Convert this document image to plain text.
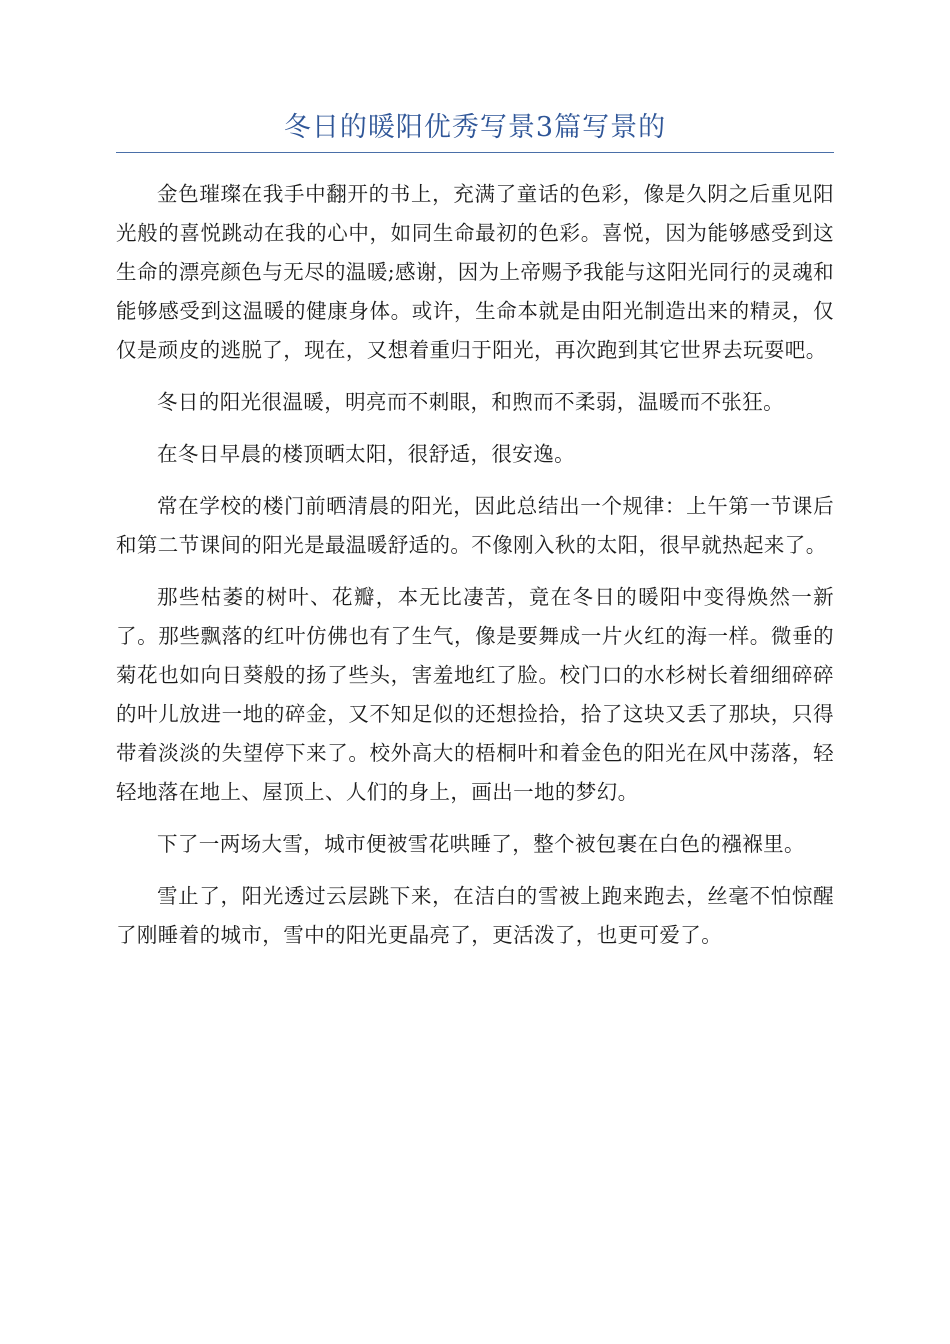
冬日的暖阳优秀写景3篇写景的

金色璀璨在我手中翻开的书上，充满了童话的色彩，像是久阴之后重见阳光般的喜悦跳动在我的心中，如同生命最初的色彩。喜悦，因为能够感受到这生命的漂亮颜色与无尽的温暖;感谢，因为上帝赐予我能与这阳光同行的灵魂和能够感受到这温暖的健康身体。或许，生命本就是由阳光制造出来的精灵，仅仅是顽皮的逃脱了，现在，又想着重归于阳光，再次跑到其它世界去玩耍吧。

冬日的阳光很温暖，明亮而不刺眼，和煦而不柔弱，温暖而不张狂。

在冬日早晨的楼顶晒太阳，很舒适，很安逸。

常在学校的楼门前晒清晨的阳光，因此总结出一个规律：上午第一节课后和第二节课间的阳光是最温暖舒适的。不像刚入秋的太阳，很早就热起来了。

那些枯萎的树叶、花瓣，本无比凄苦，竟在冬日的暖阳中变得焕然一新了。那些飘落的红叶仿佛也有了生气，像是要舞成一片火红的海一样。微垂的菊花也如向日葵般的扬了些头，害羞地红了脸。校门口的水杉树长着细细碎碎的叶儿放进一地的碎金，又不知足似的还想捡拾，拾了这块又丢了那块，只得带着淡淡的失望停下来了。校外高大的梧桐叶和着金色的阳光在风中荡落，轻轻地落在地上、屋顶上、人们的身上，画出一地的梦幻。

下了一两场大雪，城市便被雪花哄睡了，整个被包裹在白色的襁褓里。

雪止了，阳光透过云层跳下来，在洁白的雪被上跑来跑去，丝毫不怕惊醒了刚睡着的城市，雪中的阳光更晶亮了，更活泼了，也更可爱了。
